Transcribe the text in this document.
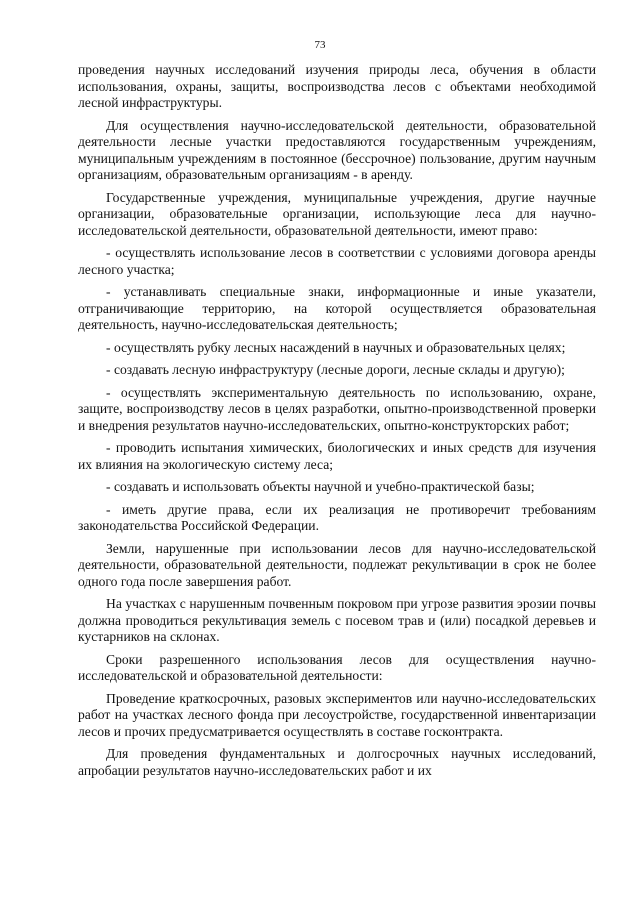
73

проведения научных исследований изучения природы леса, обучения в области использования, охраны, защиты, воспроизводства лесов с объектами необходимой лесной инфраструктуры.

Для осуществления научно-исследовательской деятельности, образовательной деятельности лесные участки предоставляются государственным учреждениям, муниципальным учреждениям в постоянное (бессрочное) пользование, другим научным организациям, образовательным организациям - в аренду.

Государственные учреждения, муниципальные учреждения, другие научные организации, образовательные организации, использующие леса для научно-исследовательской деятельности, образовательной деятельности, имеют право:

- осуществлять использование лесов в соответствии с условиями договора аренды лесного участка;
- устанавливать специальные знаки, информационные и иные указатели, отграничивающие территорию, на которой осуществляется образовательная деятельность, научно-исследовательская деятельность;
- осуществлять рубку лесных насаждений в научных и образовательных целях;
- создавать лесную инфраструктуру (лесные дороги, лесные склады и другую);
- осуществлять экспериментальную деятельность по использованию, охране, защите, воспроизводству лесов в целях разработки, опытно-производственной проверки и внедрения результатов научно-исследовательских, опытно-конструкторских работ;
- проводить испытания химических, биологических и иных средств для изучения их влияния на экологическую систему леса;
- создавать и использовать объекты научной и учебно-практической базы;
- иметь другие права, если их реализация не противоречит требованиям законодательства Российской Федерации.

Земли, нарушенные при использовании лесов для научно-исследовательской деятельности, образовательной деятельности, подлежат рекультивации в срок не более одного года после завершения работ.

На участках с нарушенным почвенным покровом при угрозе развития эрозии почвы должна проводиться рекультивация земель с посевом трав и (или) посадкой деревьев и кустарников на склонах.

Сроки разрешенного использования лесов для осуществления научно-исследовательской и образовательной деятельности:

Проведение краткосрочных, разовых экспериментов или научно-исследовательских работ на участках лесного фонда при лесоустройстве, государственной инвентаризации лесов и прочих предусматривается осуществлять в составе госконтракта.

Для проведения фундаментальных и долгосрочных научных исследований, апробации результатов научно-исследовательских работ и их
